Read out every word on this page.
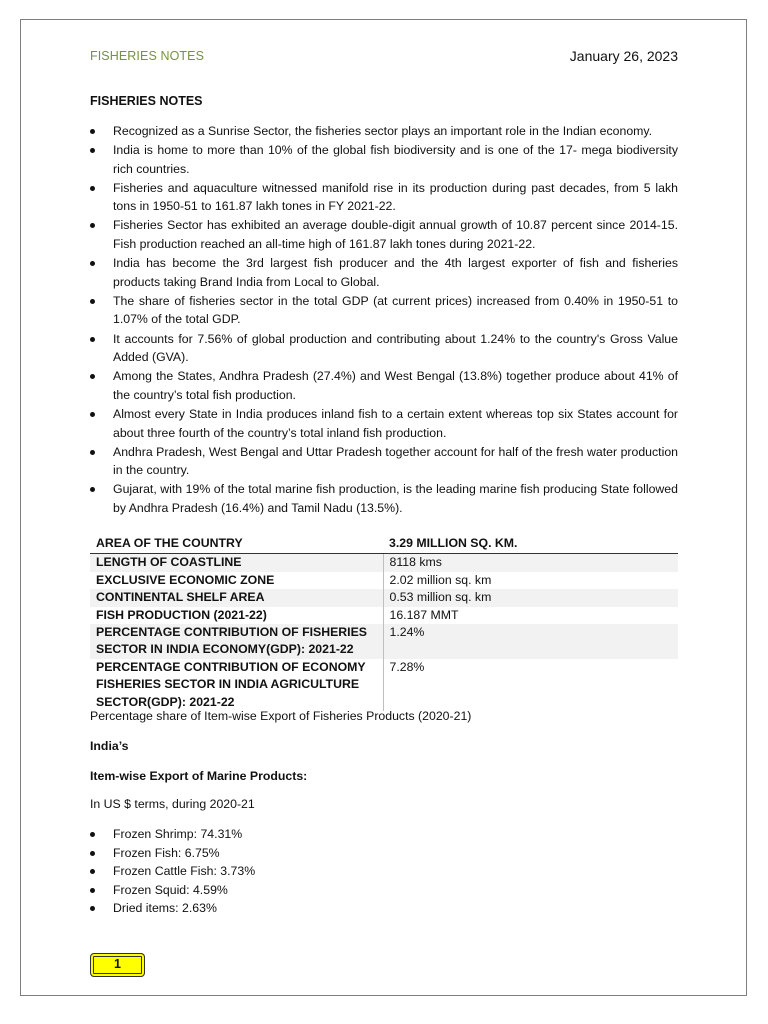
FISHERIES NOTES	January 26, 2023
FISHERIES NOTES
Recognized as a Sunrise Sector, the fisheries sector plays an important role in the Indian economy.
India is home to more than 10% of the global fish biodiversity and is one of the 17- mega biodiversity rich countries.
Fisheries and aquaculture witnessed manifold rise in its production during past decades, from 5 lakh tons in 1950-51 to 161.87 lakh tones in FY 2021-22.
Fisheries Sector has exhibited an average double-digit annual growth of 10.87 percent since 2014-15. Fish production reached an all-time high of 161.87 lakh tones during 2021-22.
India has become the 3rd largest fish producer and the 4th largest exporter of fish and fisheries products taking Brand India from Local to Global.
The share of fisheries sector in the total GDP (at current prices) increased from 0.40% in 1950-51 to 1.07% of the total GDP.
It accounts for 7.56% of global production and contributing about 1.24% to the country's Gross Value Added (GVA).
Among the States, Andhra Pradesh (27.4%) and West Bengal (13.8%) together produce about 41% of the country’s total fish production.
Almost every State in India produces inland fish to a certain extent whereas top six States account for about three fourth of the country’s total inland fish production.
Andhra Pradesh, West Bengal and Uttar Pradesh together account for half of the fresh water production in the country.
Gujarat, with 19% of the total marine fish production, is the leading marine fish producing State followed by Andhra Pradesh (16.4%) and Tamil Nadu (13.5%).
AREA OF THE COUNTRY	3.29 MILLION SQ. KM.
LENGTH OF COASTLINE	8118 kms
EXCLUSIVE ECONOMIC ZONE	2.02 million sq. km
CONTINENTAL SHELF AREA	0.53 million sq. km
FISH PRODUCTION (2021-22)	16.187 MMT
PERCENTAGE CONTRIBUTION OF FISHERIES SECTOR IN INDIA ECONOMY(GDP): 2021-22	1.24%
PERCENTAGE CONTRIBUTION OF ECONOMY FISHERIES SECTOR IN INDIA AGRICULTURE SECTOR(GDP): 2021-22	7.28%
Percentage share of Item-wise Export of Fisheries Products (2020-21)
India’s
Item-wise Export of Marine Products:
In US $ terms, during 2020-21
Frozen Shrimp: 74.31%
Frozen Fish: 6.75%
Frozen Cattle Fish: 3.73%
Frozen Squid: 4.59%
Dried items: 2.63%
1
